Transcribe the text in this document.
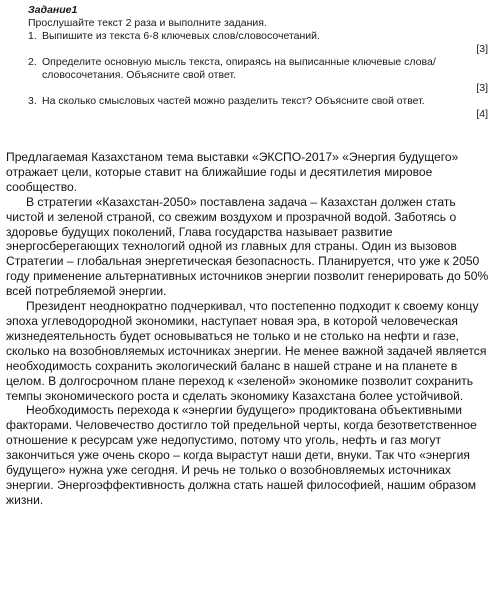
Задание1
Прослушайте текст 2 раза и выполните задания.
1. Выпишите из текста 6-8 ключевых слов/словосочетаний.
[3]
2. Определите основную мысль текста, опираясь на выписанные ключевые слова/словосочетания. Объясните свой ответ.
[3]
3. На сколько смысловых частей можно разделить текст? Объясните свой ответ.
[4]

Предлагаемая Казахстаном тема выставки «ЭКСПО-2017» «Энергия будущего» отражает цели, которые ставит на ближайшие годы и десятилетия мировое сообщество.

В стратегии «Казахстан-2050» поставлена задача – Казахстан должен стать чистой и зеленой страной, со свежим воздухом и прозрачной водой. Заботясь о здоровье будущих поколений, Глава государства называет развитие энергосберегающих технологий одной из главных для страны. Один из вызовов Стратегии – глобальная энергетическая безопасность. Планируется, что уже к 2050 году применение альтернативных источников энергии позволит генерировать до 50% всей потребляемой энергии.

Президент неоднократно подчеркивал, что постепенно подходит к своему концу эпоха углеводородной экономики, наступает новая эра, в которой человеческая жизнедеятельность будет основываться не только и не столько на нефти и газе, сколько на возобновляемых источниках энергии. Не менее важной задачей является необходимость сохранить экологический баланс в нашей стране и на планете в целом. В долгосрочном плане переход к «зеленой» экономике позволит сохранить темпы экономического роста и сделать экономику Казахстана более устойчивой.

Необходимость перехода к «энергии будущего» продиктована объективными факторами. Человечество достигло той предельной черты, когда безответственное отношение к ресурсам уже недопустимо, потому что уголь, нефть и газ могут закончиться уже очень скоро – когда вырастут наши дети, внуки. Так что «энергия будущего» нужна уже сегодня. И речь не только о возобновляемых источниках энергии. Энергоэффективность должна стать нашей философией, нашим образом жизни.
